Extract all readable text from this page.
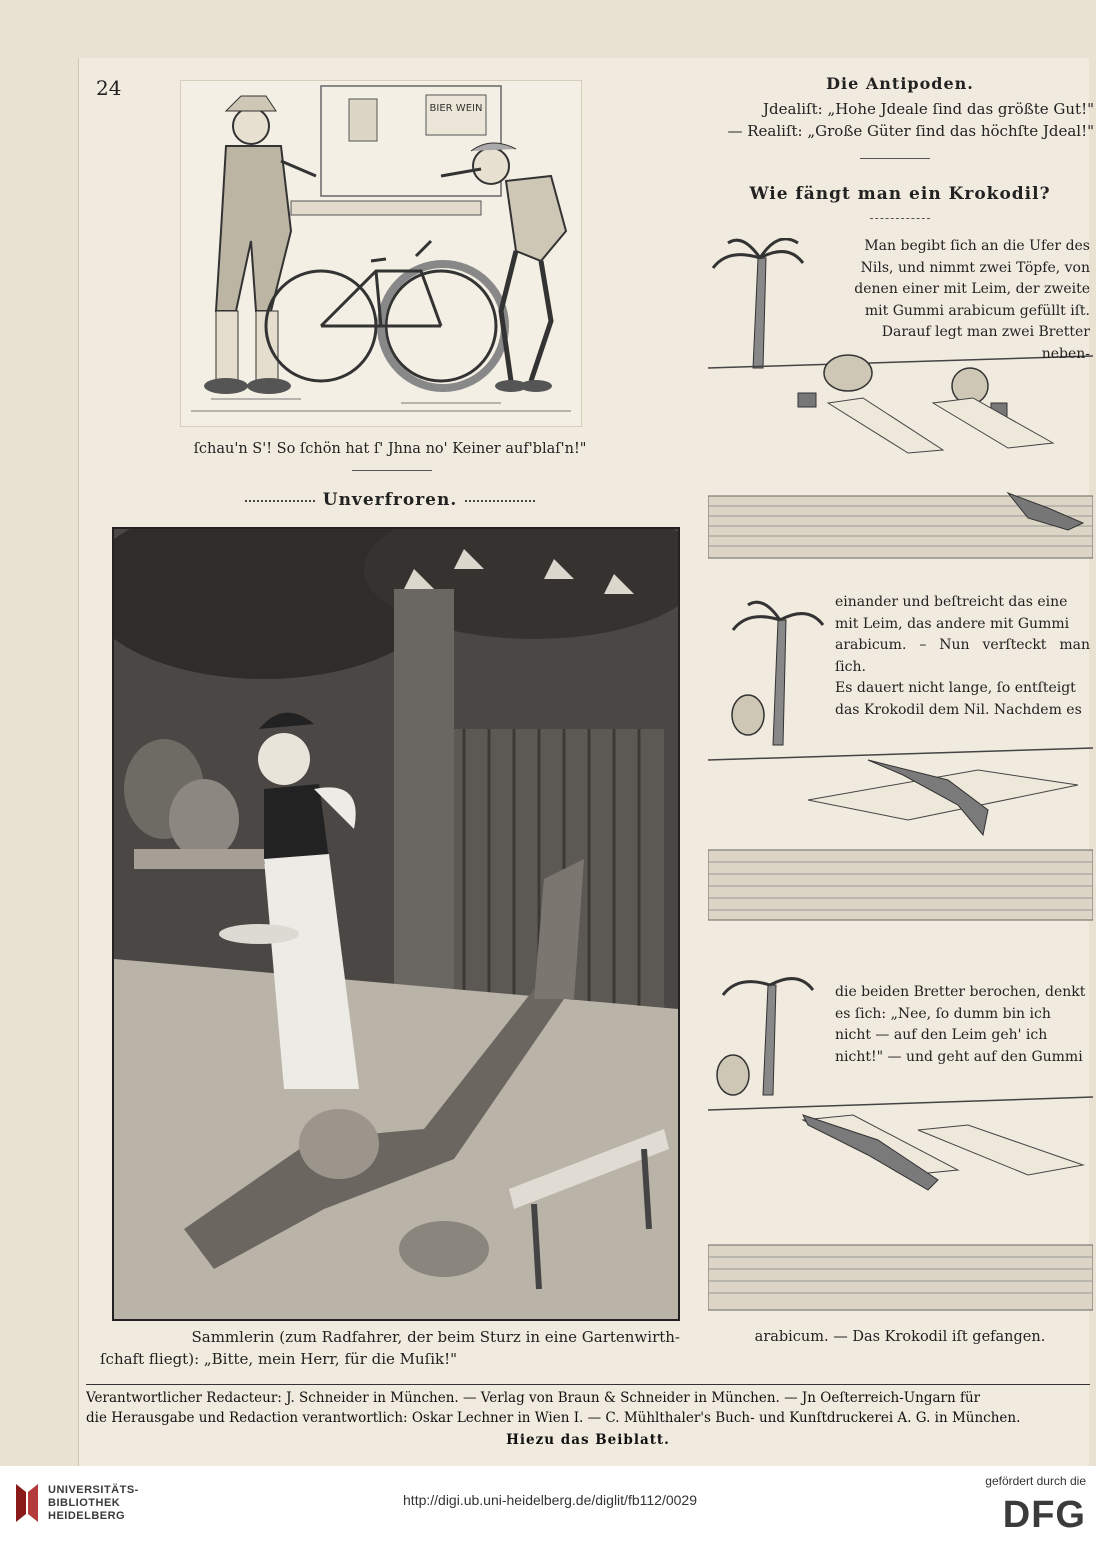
24
BIER WEIN
ſchau'n S'! So ſchön hat ſ' Jhna no' Keiner auf'blaſ'n!"
Die Antipoden.
Jdealiſt: „Hohe Jdeale ſind das größte Gut!"
— Realiſt: „Große Güter ſind das höchſte Jdeal!"
Wie fängt man ein Krokodil?
Man begibt ſich an die Ufer des
Nils, und nimmt zwei Töpfe, von
denen einer mit Leim, der zweite
mit Gummi arabicum gefüllt iſt.
Darauf legt man zwei Bretter neben-
einander und beſtreicht das eine
mit Leim, das andere mit Gummi
arabicum. – Nun verſteckt man ſich.
Es dauert nicht lange, ſo entſteigt
das Krokodil dem Nil. Nachdem es
die beiden Bretter berochen, denkt
es ſich: „Nee, ſo dumm bin ich
nicht — auf den Leim geh' ich
nicht!" — und geht auf den Gummi
arabicum. — Das Krokodil iſt gefangen.
Unverfroren.
Sammlerin (zum Radfahrer, der beim Sturz in eine Gartenwirth-
ſchaft fliegt): „Bitte, mein Herr, für die Muſik!"
Verantwortlicher Redacteur: J. Schneider in München. — Verlag von Braun & Schneider in München. — Jn Oeſterreich-Ungarn für
die Herausgabe und Redaction verantwortlich: Oskar Lechner in Wien I. — C. Mühlthaler's Buch- und Kunſtdruckerei A. G. in München.
Hiezu das Beiblatt.
UNIVERSITÄTS-
BIBLIOTHEK
HEIDELBERG
http://digi.ub.uni-heidelberg.de/diglit/fb112/0029
gefördert durch die
DFG
